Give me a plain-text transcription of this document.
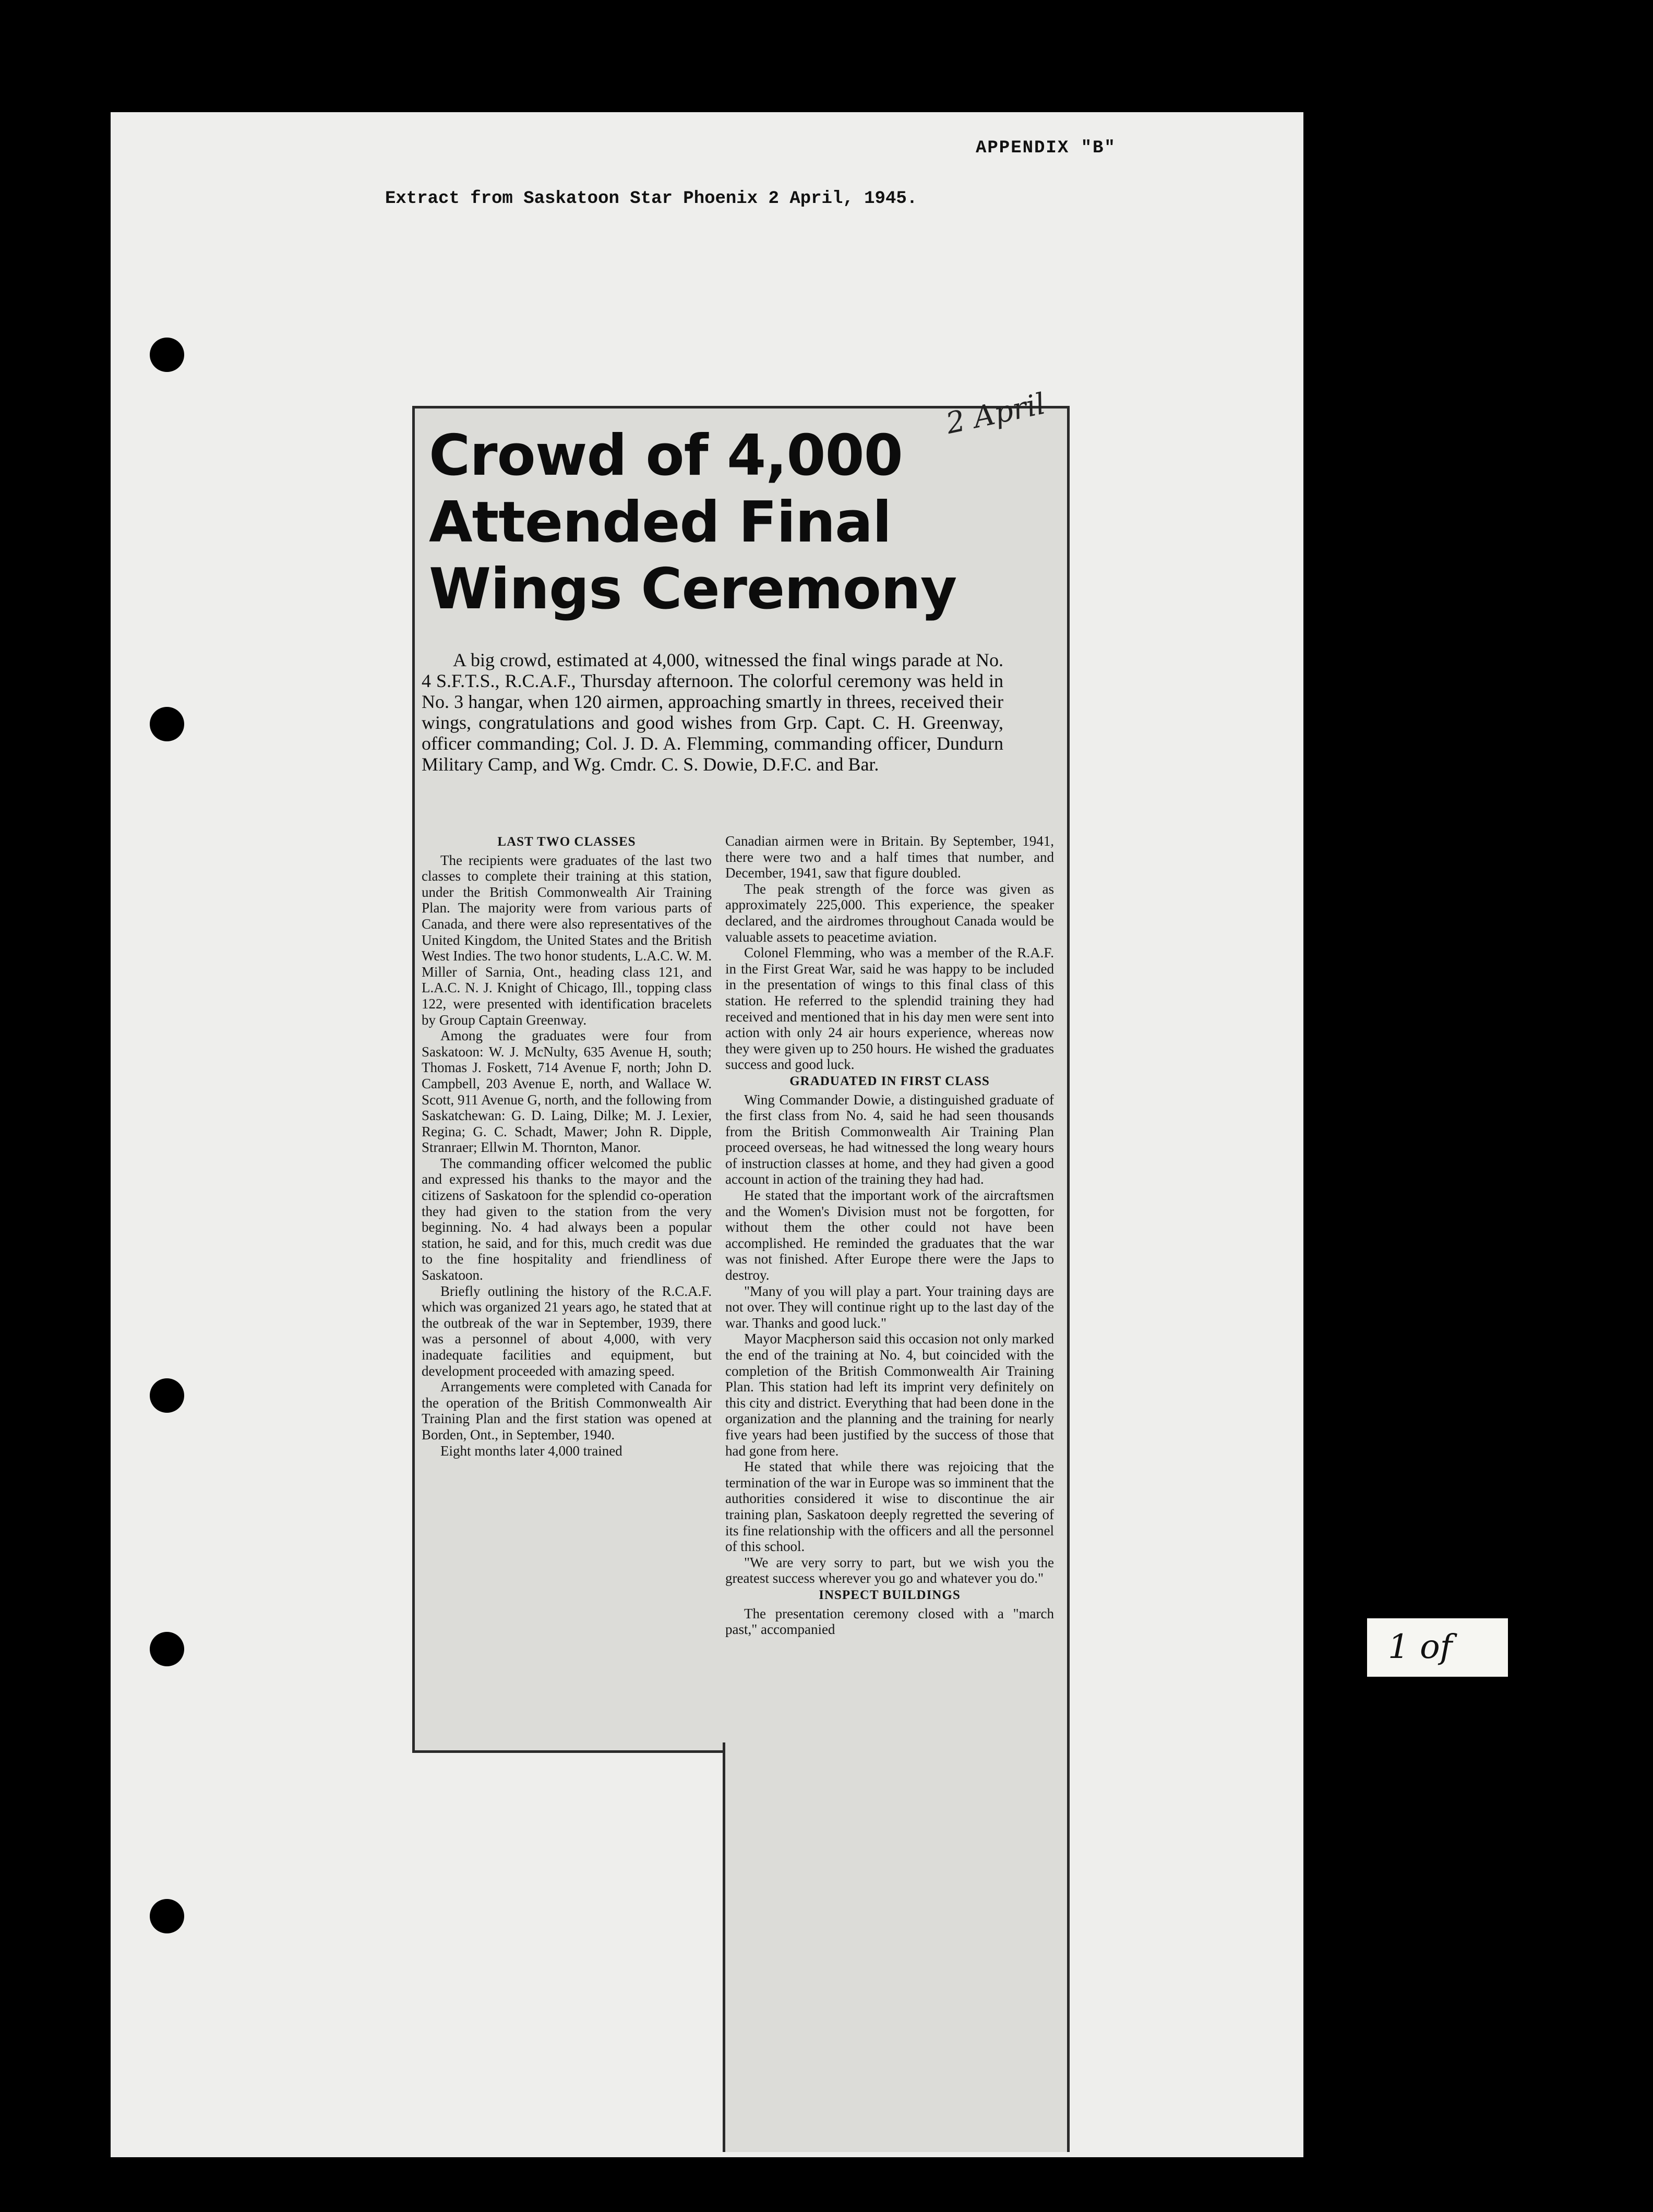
APPENDIX "B"
Extract from Saskatoon Star Phoenix 2 April, 1945.
2 April
Crowd of 4,000
Attended Final
Wings Ceremony
A big crowd, estimated at 4,000, witnessed the final wings parade at No. 4 S.F.T.S., R.C.A.F., Thursday afternoon. The colorful ceremony was held in No. 3 hangar, when 120 airmen, approaching smartly in threes, received their wings, congratulations and good wishes from Grp. Capt. C. H. Greenway, officer commanding; Col. J. D. A. Flemming, commanding officer, Dundurn Military Camp, and Wg. Cmdr. C. S. Dowie, D.F.C. and Bar.
LAST TWO CLASSES

The recipients were graduates of the last two classes to complete their training at this station, under the British Commonwealth Air Training Plan. The majority were from various parts of Canada, and there were also representatives of the United Kingdom, the United States and the British West Indies. The two honor students, L.A.C. W. M. Miller of Sarnia, Ont., heading class 121, and L.A.C. N. J. Knight of Chicago, Ill., topping class 122, were presented with identification bracelets by Group Captain Greenway.

Among the graduates were four from Saskatoon: W. J. McNulty, 635 Avenue H, south; Thomas J. Foskett, 714 Avenue F, north; John D. Campbell, 203 Avenue E, north, and Wallace W. Scott, 911 Avenue G, north, and the following from Saskatchewan: G. D. Laing, Dilke; M. J. Lexier, Regina; G. C. Schadt, Mawer; John R. Dipple, Stranraer; Ellwin M. Thornton, Manor.

The commanding officer welcomed the public and expressed his thanks to the mayor and the citizens of Saskatoon for the splendid co-operation they had given to the station from the very beginning. No. 4 had always been a popular station, he said, and for this, much credit was due to the fine hospitality and friendliness of Saskatoon.

Briefly outlining the history of the R.C.A.F. which was organized 21 years ago, he stated that at the outbreak of the war in September, 1939, there was a personnel of about 4,000, with very inadequate facilities and equipment, but development proceeded with amazing speed.

Arrangements were completed with Canada for the operation of the British Commonwealth Air Training Plan and the first station was opened at Borden, Ont., in September, 1940.

Eight months later 4,000 trained

Canadian airmen were in Britain. By September, 1941, there were two and a half times that number, and December, 1941, saw that figure doubled.

The peak strength of the force was given as approximately 225,000. This experience, the speaker declared, and the airdromes throughout Canada would be valuable assets to peacetime aviation.

Colonel Flemming, who was a member of the R.A.F. in the First Great War, said he was happy to be included in the presentation of wings to this final class of this station. He referred to the splendid training they had received and mentioned that in his day men were sent into action with only 24 air hours experience, whereas now they were given up to 250 hours. He wished the graduates success and good luck.

GRADUATED IN FIRST CLASS

Wing Commander Dowie, a distinguished graduate of the first class from No. 4, said he had seen thousands from the British Commonwealth Air Training Plan proceed overseas, he had witnessed the long weary hours of instruction classes at home, and they had given a good account in action of the training they had had.

He stated that the important work of the aircraftsmen and the Women's Division must not be forgotten, for without them the other could not have been accomplished. He reminded the graduates that the war was not finished. After Europe there were the Japs to destroy.

"Many of you will play a part. Your training days are not over. They will continue right up to the last day of the war. Thanks and good luck."

Mayor Macpherson said this occasion not only marked the end of the training at No. 4, but coincided with the completion of the British Commonwealth Air Training Plan. This station had left its imprint very definitely on this city and district. Everything that had been done in the organization and the planning and the training for nearly five years had been justified by the success of those that had gone from here.

He stated that while there was rejoicing that the termination of the war in Europe was so imminent that the authorities considered it wise to discontinue the air training plan, Saskatoon deeply regretted the severing of its fine relationship with the officers and all the personnel of this school.

"We are very sorry to part, but we wish you the greatest success wherever you go and whatever you do."

INSPECT BUILDINGS

The presentation ceremony closed with a "march past," accompanied	1 of
